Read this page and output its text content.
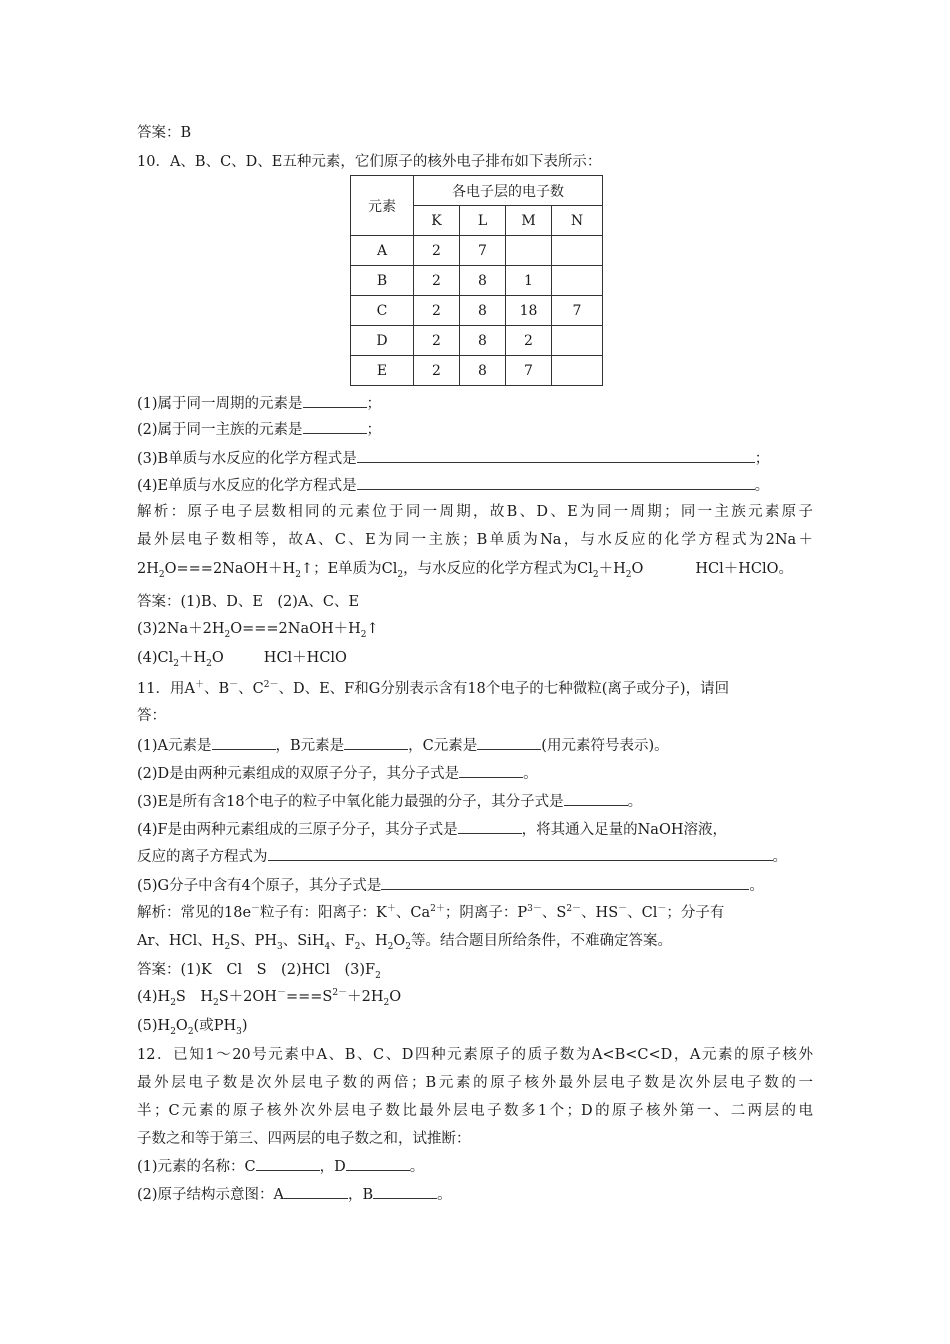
答案：B
10．A、B、C、D、E五种元素，它们原子的核外电子排布如下表所示：
元素	各电子层的电子数			
	K	L	M	N
A	2	7		
B	2	8	1	
C	2	8	18	7
D	2	8	2	
E	2	8	7	
(1)属于同一周期的元素是	；
(2)属于同一主族的元素是	；
(3)B单质与水反应的化学方程式是	；
(4)E单质与水反应的化学方程式是	。
解析：原子电子层数相同的元素位于同一周期，故B、D、E为同一周期；同一主族元素原子
最外层电子数相等，故A、C、E为同一主族；B单质为Na，与水反应的化学方程式为2Na＋
$2H_2O===2NaOH+H_2↑$；E单质为$Cl_2$，与水反应的化学方程式为$Cl_2+H_2O$	HCl＋HClO。
答案：(1)B、D、E　(2)A、C、E
$(3)2Na+2H_2O===2NaOH+H_2↑$
$(4)Cl_2+H_2O$	HCl＋HClO
11．用A＋、B－、$C^{2-}$、D、E、F和G分别表示含有18个电子的七种微粒(离子或分子)，请回
答：
(1)A元素是	，B元素是	，C元素是	(用元素符号表示)。
(2)D是由两种元素组成的双原子分子，其分子式是	。
(3)E是所有含18个电子的粒子中氧化能力最强的分子，其分子式是	。
(4)F是由两种元素组成的三原子分子，其分子式是	，将其通入足量的NaOH溶液，
反应的离子方程式为	。
(5)G分子中含有4个原子，其分子式是	。
解析：常见的18e－粒子有：阳离子：K＋、$Ca^{2+}$；阴离子：$P^{3-}$、$S^{2-}$、HS－、Cl－；分子有
Ar、HCl、$H_2S$、$PH_3$、SiH$_4$、$F_2$、$H_2O_2$等。结合题目所给条件，不难确定答案。
答案：(1)K　Cl　S　(2)HCl　$(3)F_2$
$(4)H_2S$　$H_2S+2OH^-===S^{2-}+2H_2O$
$(5)H_2O_2$(或$PH_3$)
12．已知1～20号元素中A、B、C、D四种元素原子的质子数为A<B<C<D，A元素的原子核外
最外层电子数是次外层电子数的两倍；B元素的原子核外最外层电子数是次外层电子数的一
半；C元素的原子核外次外层电子数比最外层电子数多1个；D的原子核外第一、二两层的电
子数之和等于第三、四两层的电子数之和，试推断：
(1)元素的名称：C	，D	。
(2)原子结构示意图：A	，B	。
